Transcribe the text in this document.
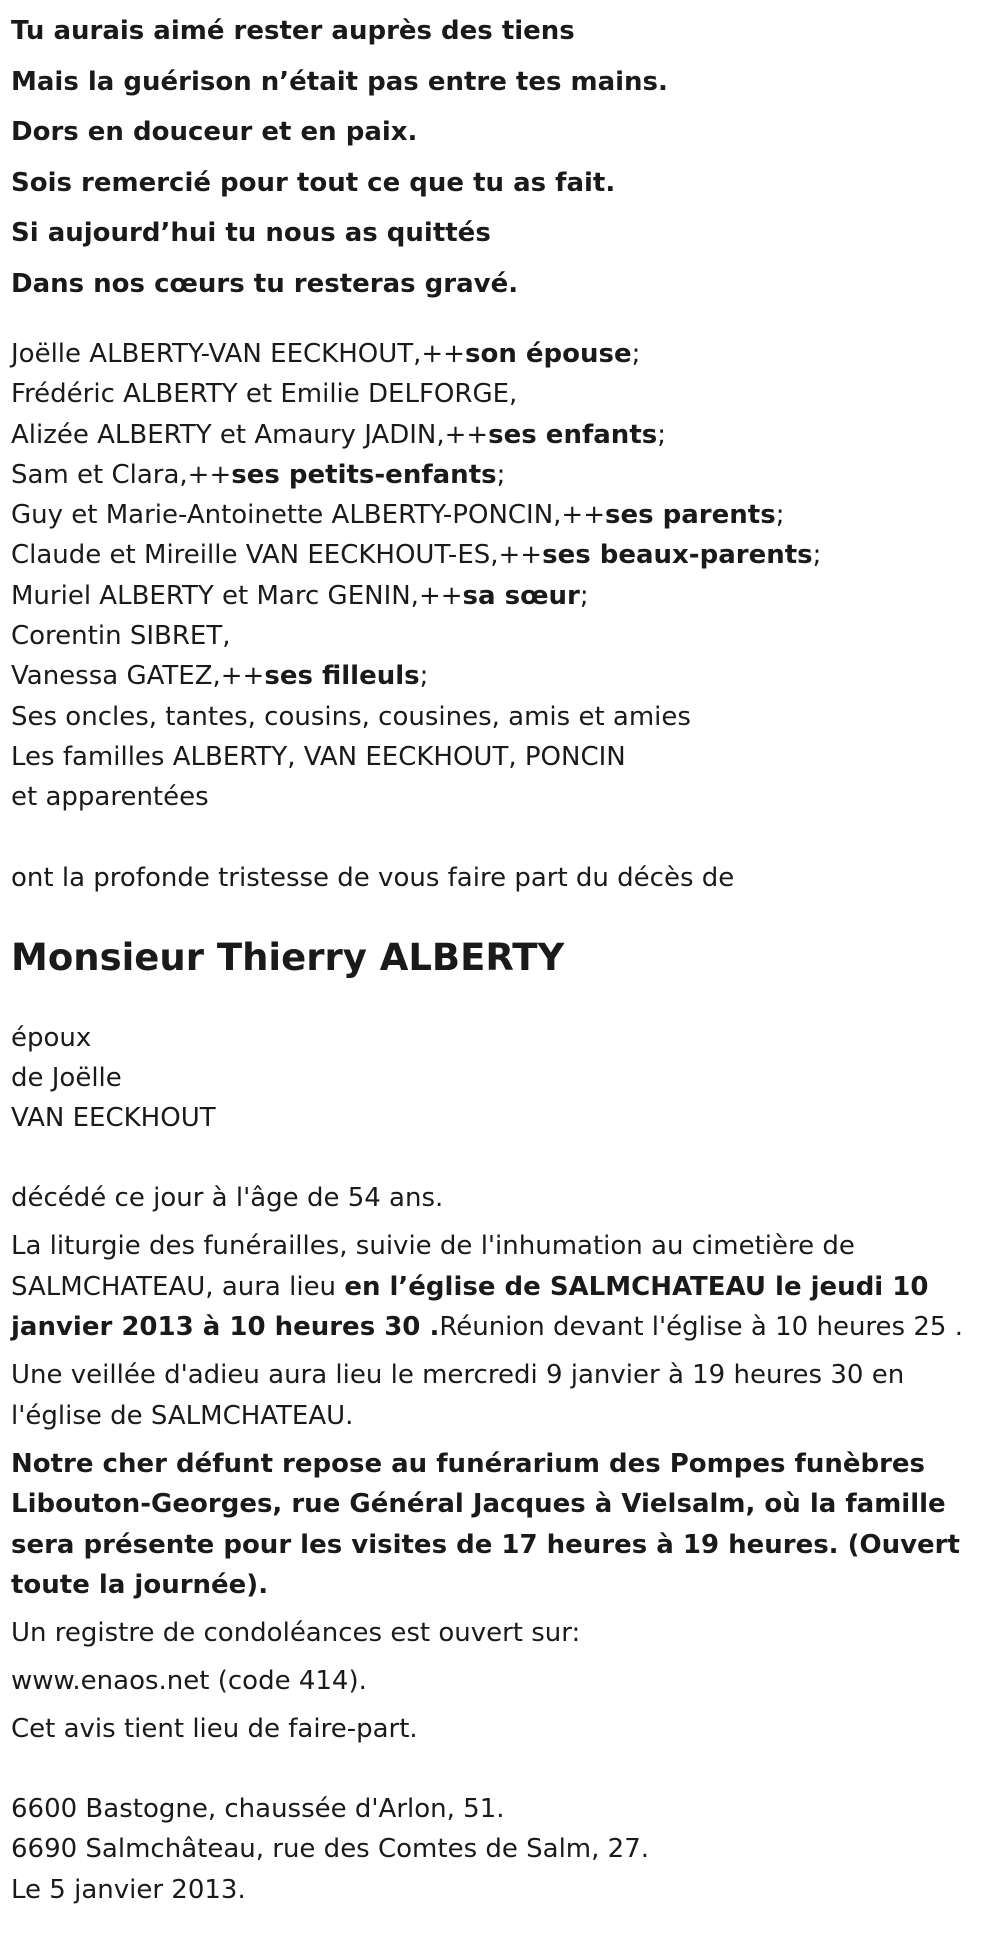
Tu aurais aimé rester auprès des tiens
Mais la guérison n’était pas entre tes mains.
Dors en douceur et en paix.
Sois remercié pour tout ce que tu as fait.
Si aujourd’hui tu nous as quittés
Dans nos cœurs tu resteras gravé.
Joëlle ALBERTY-VAN EECKHOUT,++son épouse;
Frédéric ALBERTY et Emilie DELFORGE,
Alizée ALBERTY et Amaury JADIN,++ses enfants;
Sam et Clara,++ses petits-enfants;
Guy et Marie-Antoinette ALBERTY-PONCIN,++ses parents;
Claude et Mireille VAN EECKHOUT-ES,++ses beaux-parents;
Muriel ALBERTY et Marc GENIN,++sa sœur;
Corentin SIBRET,
Vanessa GATEZ,++ses filleuls;
Ses oncles, tantes, cousins, cousines, amis et amies
Les familles ALBERTY, VAN EECKHOUT, PONCIN
et apparentées
ont la profonde tristesse de vous faire part du décès de
Monsieur Thierry ALBERTY
époux
de Joëlle
VAN EECKHOUT
décédé ce jour à l'âge de 54 ans.
La liturgie des funérailles, suivie de l'inhumation au cimetière de SALMCHATEAU, aura lieu en l’église de SALMCHATEAU le jeudi 10 janvier 2013 à 10 heures 30 .Réunion devant l'église à 10 heures 25 .
Une veillée d'adieu aura lieu le mercredi 9 janvier à 19 heures 30 en l'église de SALMCHATEAU.
Notre cher défunt repose au funérarium des Pompes funèbres Libouton-Georges, rue Général Jacques à Vielsalm, où la famille sera présente pour les visites de 17 heures à 19 heures. (Ouvert toute la journée).
Un registre de condoléances est ouvert sur:
www.enaos.net (code 414).
Cet avis tient lieu de faire-part.
6600 Bastogne, chaussée d'Arlon, 51.
6690 Salmchâteau, rue des Comtes de Salm, 27.
Le 5 janvier 2013.
